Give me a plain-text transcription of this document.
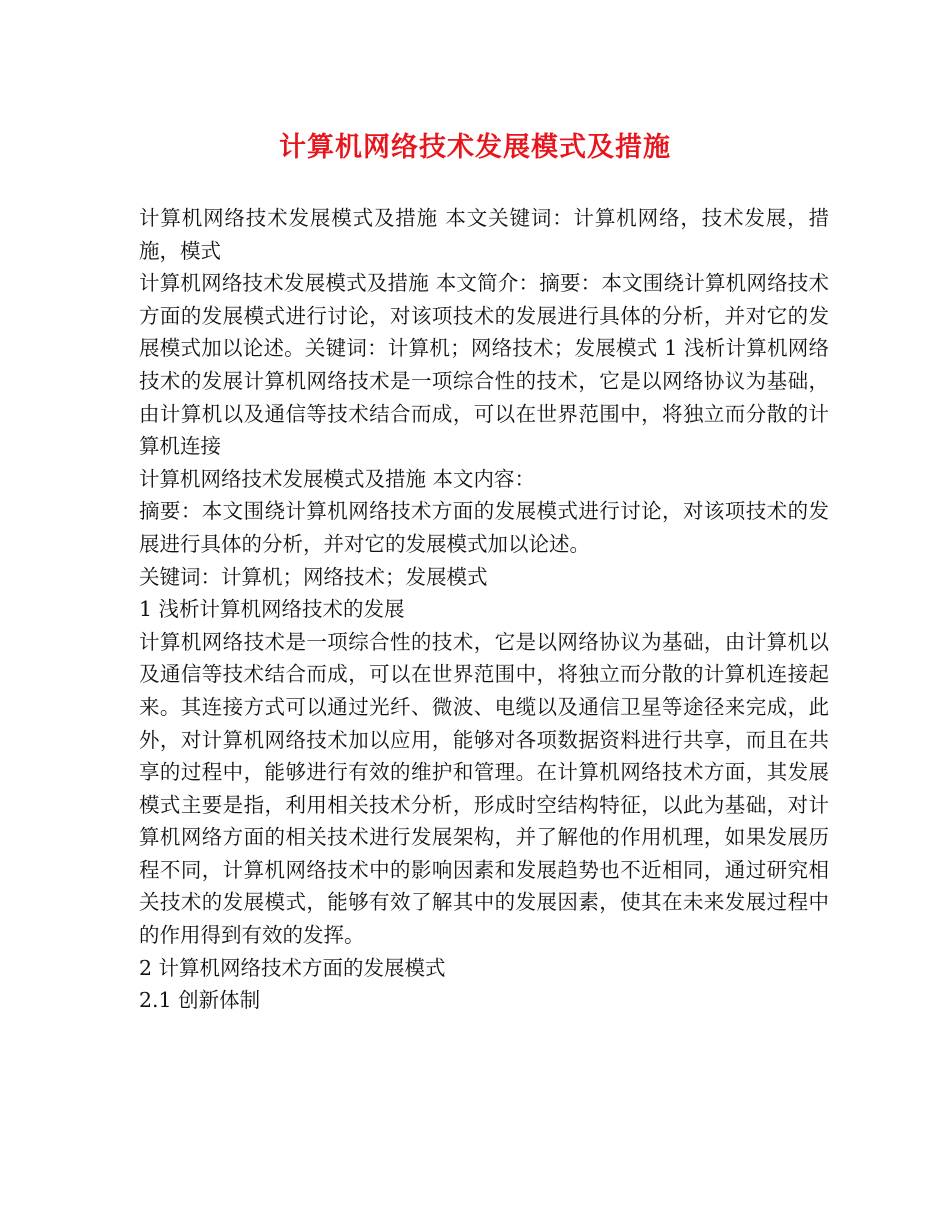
计算机网络技术发展模式及措施

计算机网络技术发展模式及措施 本文关键词：计算机网络，技术发展，措施，模式

计算机网络技术发展模式及措施 本文简介：摘要：本文围绕计算机网络技术方面的发展模式进行讨论，对该项技术的发展进行具体的分析，并对它的发展模式加以论述。关键词：计算机；网络技术；发展模式 1 浅析计算机网络技术的发展计算机网络技术是一项综合性的技术，它是以网络协议为基础，由计算机以及通信等技术结合而成，可以在世界范围中，将独立而分散的计算机连接

计算机网络技术发展模式及措施 本文内容：

摘要：本文围绕计算机网络技术方面的发展模式进行讨论，对该项技术的发展进行具体的分析，并对它的发展模式加以论述。

关键词：计算机；网络技术；发展模式

1 浅析计算机网络技术的发展

计算机网络技术是一项综合性的技术，它是以网络协议为基础，由计算机以及通信等技术结合而成，可以在世界范围中，将独立而分散的计算机连接起来。其连接方式可以通过光纤、微波、电缆以及通信卫星等途径来完成，此外，对计算机网络技术加以应用，能够对各项数据资料进行共享，而且在共享的过程中，能够进行有效的维护和管理。在计算机网络技术方面，其发展模式主要是指，利用相关技术分析，形成时空结构特征，以此为基础，对计算机网络方面的相关技术进行发展架构，并了解他的作用机理，如果发展历程不同，计算机网络技术中的影响因素和发展趋势也不近相同，通过研究相关技术的发展模式，能够有效了解其中的发展因素，使其在未来发展过程中的作用得到有效的发挥。

2 计算机网络技术方面的发展模式

2.1 创新体制
